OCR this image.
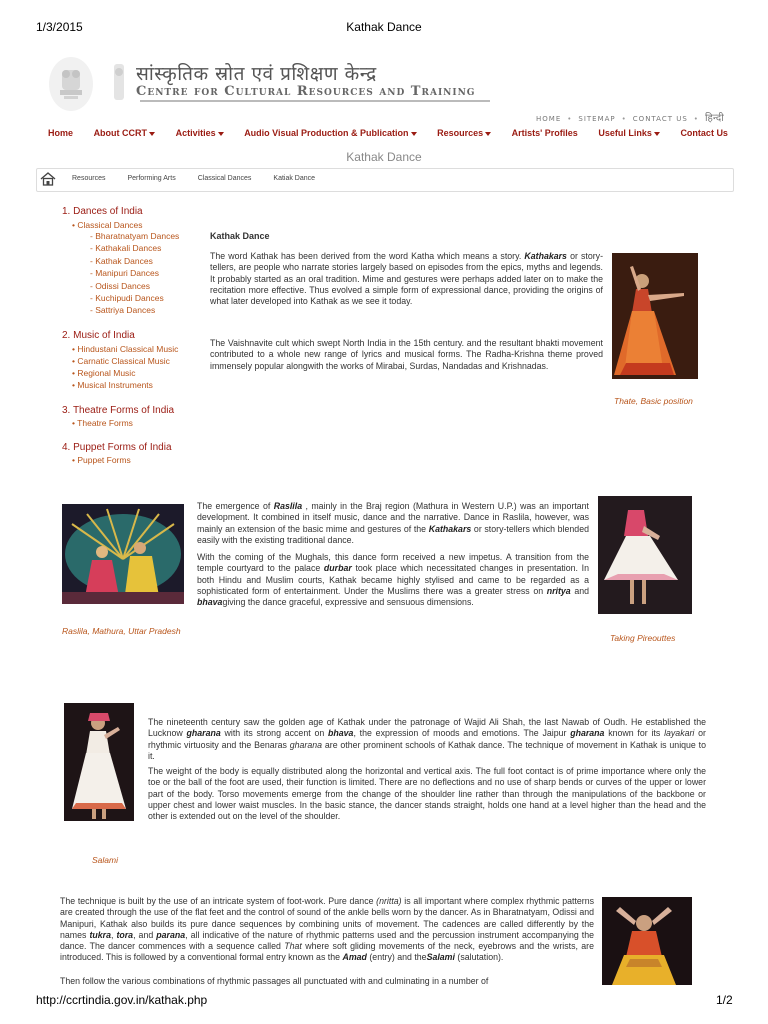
1/3/2015	Kathak Dance
सांस्कृतिक स्रोत एवं प्रशिक्षण केन्द्र
Centre for Cultural Resources and Training
HOME • SITEMAP • CONTACT US • हिन्दी
Home About CCRT	Activities	Audio Visual Production & Publication	Resources	Artists' Profiles Useful Links	Contact Us
Kathak Dance
Resources	Performing Arts	Classical Dances	Katiak Dance
1. Dances of India
• Classical Dances
- Bharatnatyam Dances
- Kathakali Dances
- Kathak Dances
- Manipuri Dances
- Odissi Dances
- Kuchipudi Dances
- Sattriya Dances
2. Music of India
• Hindustani Classical Music
• Carnatic Classical Music
• Regional Music
• Musical Instruments
3. Theatre Forms of India
• Theatre Forms
4. Puppet Forms of India
• Puppet Forms
Kathak Dance
The word Kathak has been derived from the word Katha which means a story. Kathakars or story-tellers, are people who narrate stories largely based on episodes from the epics, myths and legends. It probably started as an oral tradition. Mime and gestures were perhaps added later on to make the recitation more effective. Thus evolved a simple form of expressional dance, providing the origins of what later developed into Kathak as we see it today.
The Vaishnavite cult which swept North India in the 15th century. and the resultant bhakti movement contributed to a whole new range of lyrics and musical forms. The Radha-Krishna theme proved immensely popular alongwith the works of Mirabai, Surdas, Nandadas and Krishnadas.
Thate, Basic position
Raslila, Mathura, Uttar Pradesh
The emergence of Raslila , mainly in the Braj region (Mathura in Western U.P.) was an important development. It combined in itself music, dance and the narrative. Dance in Raslila, however, was mainly an extension of the basic mime and gestures of the Kathakars or story-tellers which blended easily with the existing traditional dance.
With the coming of the Mughals, this dance form received a new impetus. A transition from the temple courtyard to the palace durbar took place which necessitated changes in presentation. In both Hindu and Muslim courts, Kathak became highly stylised and came to be regarded as a sophisticated form of entertainment. Under the Muslims there was a greater stress on nritya and bhavagiving the dance graceful, expressive and sensuous dimensions.
Taking Pireouttes
Salami
The nineteenth century saw the golden age of Kathak under the patronage of Wajid Ali Shah, the last Nawab of Oudh. He established the Lucknow gharana with its strong accent on bhava, the expression of moods and emotions. The Jaipur gharana known for its layakari or rhythmic virtuosity and the Benaras gharana are other prominent schools of Kathak dance. The technique of movement in Kathak is unique to it.
The weight of the body is equally distributed along the horizontal and vertical axis. The full foot contact is of prime importance where only the toe or the ball of the foot are used, their function is limited. There are no deflections and no use of sharp bends or curves of the upper or lower part of the body. Torso movements emerge from the change of the shoulder line rather than through the manipulations of the backbone or upper chest and lower waist muscles. In the basic stance, the dancer stands straight, holds one hand at a level higher than the head and the other is extended out on the level of the shoulder.
The technique is built by the use of an intricate system of foot-work. Pure dance (nritta) is all important where complex rhythmic patterns are created through the use of the flat feet and the control of sound of the ankle bells worn by the dancer. As in Bharatnatyam, Odissi and Manipuri, Kathak also builds its pure dance sequences by combining units of movement. The cadences are called differently by the names tukra, tora, and parana, all indicative of the nature of rhythmic patterns used and the percussion instrument accompanying the dance. The dancer commences with a sequence called That where soft gliding movements of the neck, eyebrows and the wrists, are introduced. This is followed by a conventional formal entry known as the Amad (entry) and theSalami (salutation).
Then follow the various combinations of rhythmic passages all punctuated with and culminating in a number of
http://ccrtindia.gov.in/kathak.php	1/2
